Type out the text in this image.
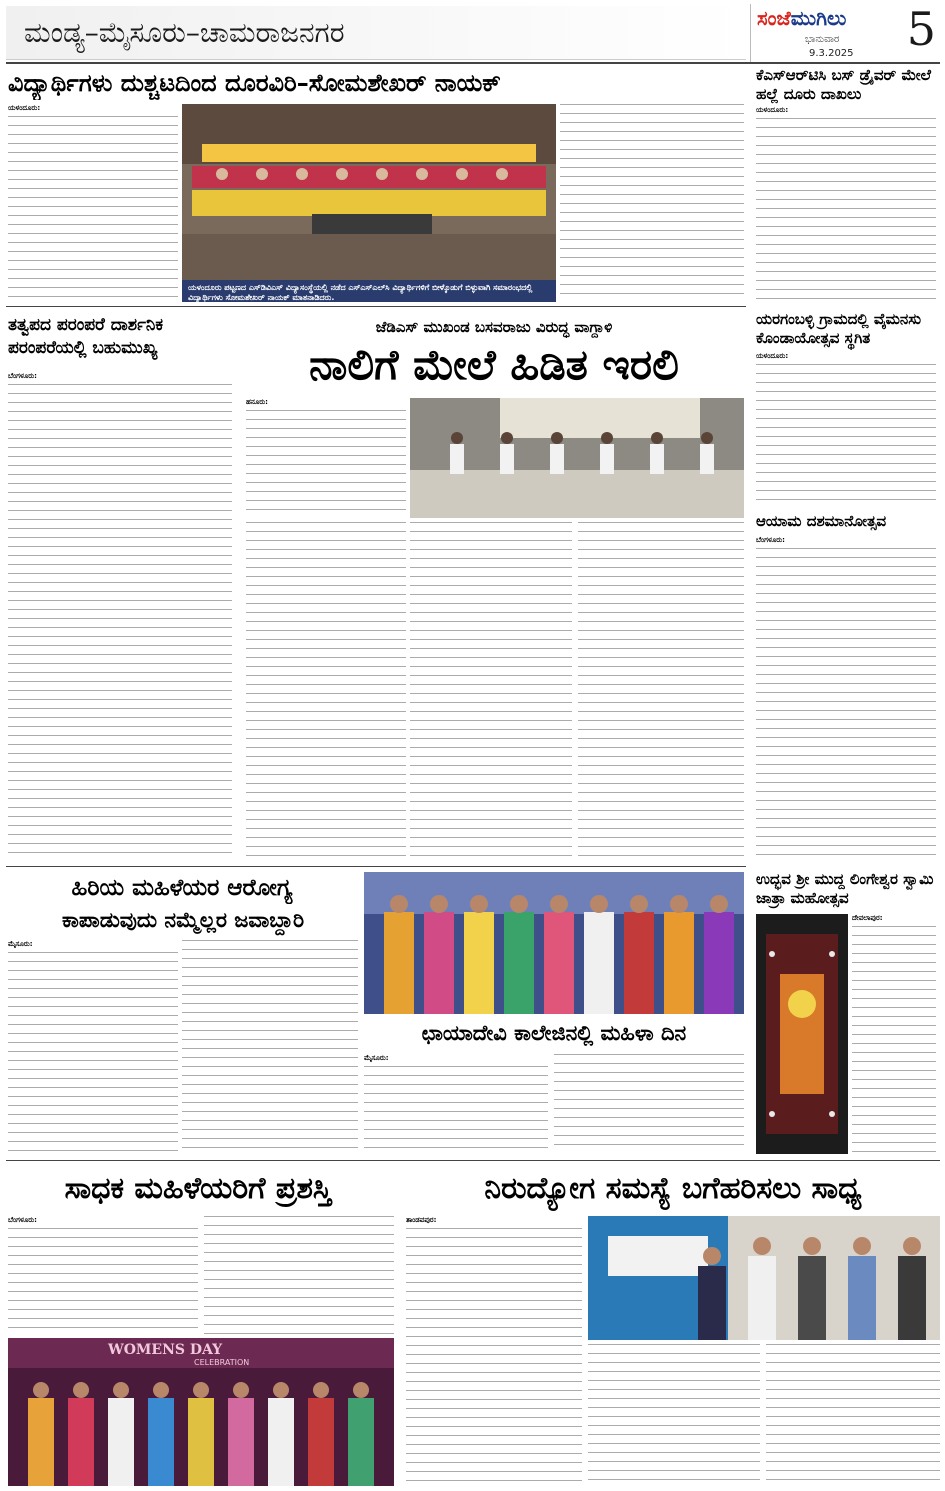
ಮಂಡ್ಯ–ಮೈಸೂರು–ಚಾಮರಾಜನಗರ	ಸಂಜೆಮುಗಿಲು
ಭಾನುವಾರ
9.3.2025 5
ವಿದ್ಯಾರ್ಥಿಗಳು ದುಶ್ಚಟದಿಂದ ದೂರವಿರಿ–ಸೋಮಶೇಖರ್ ನಾಯಕ್
ಯಳಂದೂರು:
ಯಳಂದೂರು ಪಟ್ಟಣದ ಎಸ್‌ಡಿವಿಎಸ್ ವಿದ್ಯಾಸಂಸ್ಥೆಯಲ್ಲಿ ನಡೆದ ಎಸ್‌ಎಸ್‌ಎಲ್‌ಸಿ ವಿದ್ಯಾರ್ಥಿಗಳಿಗೆ ಬೀಳ್ಕೊಡುಗೆ ಬಿಳ್ಳುವಾಗಿ ಸಮಾರಂಭದಲ್ಲಿ ವಿದ್ಯಾರ್ಥಿಗಳು ಸೋಮಶೇಖರ್ ನಾಯಕ್ ಮಾತನಾಡಿದರು.
ಕೆಎಸ್‌ಆರ್‌ಟಿಸಿ ಬಸ್ ಡ್ರೈವರ್ ಮೇಲೆ ಹಲ್ಲೆ ದೂರು ದಾಖಲು
ಯಳಂದೂರು:
ತತ್ವಪದ ಪರಂಪರೆ ದಾರ್ಶನಿಕ ಪರಂಪರೆಯಲ್ಲಿ ಬಹುಮುಖ್ಯ
ಬೆಂಗಳೂರು:
ಜೆಡಿಎಸ್ ಮುಖಂಡ ಬಸವರಾಜು ವಿರುದ್ಧ ವಾಗ್ದಾಳಿ
ನಾಲಿಗೆ ಮೇಲೆ ಹಿಡಿತ ಇರಲಿ
ಹನೂರು:
ಯರಗಂಬಳ್ಳಿ ಗ್ರಾಮದಲ್ಲಿ ವೈಮನಸು ಕೊಂಡಾಯೋತ್ಸವ ಸ್ಥಗಿತ
ಯಳಂದೂರು:
ಆಯಾಮ ದಶಮಾನೋತ್ಸವ
ಬೆಂಗಳೂರು:
ಹಿರಿಯ ಮಹಿಳೆಯರ ಆರೋಗ್ಯ
ಕಾಪಾಡುವುದು ನಮ್ಮೆಲ್ಲರ ಜವಾಬ್ದಾರಿ
ಮೈಸೂರು:
ಛಾಯಾದೇವಿ ಕಾಲೇಜಿನಲ್ಲಿ ಮಹಿಳಾ ದಿನ
ಮೈಸೂರು:
ಉದ್ಭವ ಶ್ರೀ ಮುದ್ದ ಲಿಂಗೇಶ್ವರ ಸ್ವಾಮಿ ಜಾತ್ರಾ ಮಹೋತ್ಸವ
ದೇವಲಾಪುರ:
ಸಾಧಕ ಮಹಿಳೆಯರಿಗೆ ಪ್ರಶಸ್ತಿ
ಬೆಂಗಳೂರು:
WOMENS DAY
CELEBRATION
ನಿರುದ್ಯೋಗ ಸಮಸ್ಯೆ ಬಗೆಹರಿಸಲು ಸಾಧ್ಯ
ತಾಂಡವಪುರ:
